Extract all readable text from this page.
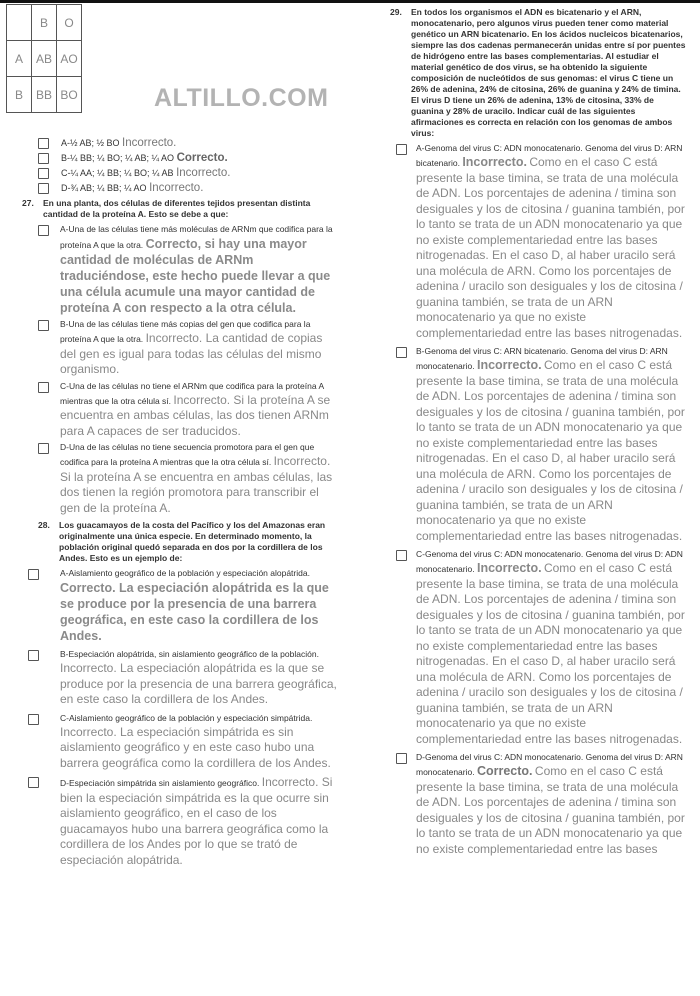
	B	O
A	AB	AO
B	BB	BO	ALTILLO.COM
A-½ AB; ½ BO Incorrecto.
B-¼ BB; ¼ BO; ¼ AB; ¼ AO Correcto.
C-¼ AA; ¼ BB; ¼ BO; ¼ AB Incorrecto.
D-¾ AB; ¼ BB; ¼ AO Incorrecto.
27. En una planta, dos células de diferentes tejidos presentan distinta cantidad de la proteína A. Esto se debe a que:
A-Una de las células tiene más moléculas de ARNm que codifica para la proteína A que la otra. Correcto, si hay una mayor cantidad de moléculas de ARNm traduciéndose, este hecho puede llevar a que una célula acumule una mayor cantidad de proteína A con respecto a la otra célula.
B-Una de las células tiene más copias del gen que codifica para la proteína A que la otra. Incorrecto. La cantidad de copias del gen es igual para todas las células del mismo organismo.
C-Una de las células no tiene el ARNm que codifica para la proteína A mientras que la otra célula sí. Incorrecto. Si la proteína A se encuentra en ambas células, las dos tienen ARNm para A capaces de ser traducidos.
D-Una de las células no tiene secuencia promotora para el gen que codifica para la proteína A mientras que la otra célula sí. Incorrecto. Si la proteína A se encuentra en ambas células, las dos tienen la región promotora para transcribir el gen de la proteína A.
28. Los guacamayos de la costa del Pacífico y los del Amazonas eran originalmente una única especie. En determinado momento, la población original quedó separada en dos por la cordillera de los Andes. Esto es un ejemplo de:
A-Aislamiento geográfico de la población y especiación alopátrida. Correcto. La especiación alopátrida es la que se produce por la presencia de una barrera geográfica, en este caso la cordillera de los Andes.
B-Especiación alopátrida, sin aislamiento geográfico de la población. Incorrecto. La especiación alopátrida es la que se produce por la presencia de una barrera geográfica, en este caso la cordillera de los Andes.
C-Aislamiento geográfico de la población y especiación simpátrida. Incorrecto. La especiación simpátrida es sin aislamiento geográfico y en este caso hubo una barrera geográfica como la cordillera de los Andes.
D-Especiación simpátrida sin aislamiento geográfico. Incorrecto. Si bien la especiación simpátrida es la que ocurre sin aislamiento geográfico, en el caso de los guacamayos hubo una barrera geográfica como la cordillera de los Andes por lo que se trató de especiación alopátrida.
29.	En todos los organismos el ADN es bicatenario y el ARN, monocatenario, pero algunos virus pueden tener como material genético un ARN bicatenario. En los ácidos nucleicos bicatenarios, siempre las dos cadenas permanecerán unidas entre sí por puentes de hidrógeno entre las bases complementarias. Al estudiar el material genético de dos virus, se ha obtenido la siguiente composición de nucleótidos de sus genomas: el virus C tiene un 26% de adenina, 24% de citosina, 26% de guanina y 24% de timina. El virus D tiene un 26% de adenina, 13% de citosina, 33% de guanina y 28% de uracilo. Indicar cuál de las siguientes afirmaciones es correcta en relación con los genomas de ambos virus:
A-Genoma del virus C: ADN monocatenario. Genoma del virus D: ARN bicatenario. Incorrecto. Como en el caso C está presente la base timina, se trata de una molécula de ADN. Los porcentajes de adenina / timina son desiguales y los de citosina / guanina también, por lo tanto se trata de un ADN monocatenario ya que no existe complementariedad entre las bases nitrogenadas. En el caso D, al haber uracilo será una molécula de ARN. Como los porcentajes de adenina / uracilo son desiguales y los de citosina / guanina también, se trata de un ARN monocatenario ya que no existe complementariedad entre las bases nitrogenadas.
B-Genoma del virus C: ARN bicatenario. Genoma del virus D: ARN monocatenario. Incorrecto. Como en el caso C está presente la base timina, se trata de una molécula de ADN. Los porcentajes de adenina / timina son desiguales y los de citosina / guanina también, por lo tanto se trata de un ADN monocatenario ya que no existe complementariedad entre las bases nitrogenadas. En el caso D, al haber uracilo será una molécula de ARN. Como los porcentajes de adenina / uracilo son desiguales y los de citosina / guanina también, se trata de un ARN monocatenario ya que no existe complementariedad entre las bases nitrogenadas.
C-Genoma del virus C: ADN monocatenario. Genoma del virus D: ADN monocatenario. Incorrecto. Como en el caso C está presente la base timina, se trata de una molécula de ADN. Los porcentajes de adenina / timina son desiguales y los de citosina / guanina también, por lo tanto se trata de un ADN monocatenario ya que no existe complementariedad entre las bases nitrogenadas. En el caso D, al haber uracilo será una molécula de ARN. Como los porcentajes de adenina / uracilo son desiguales y los de citosina / guanina también, se trata de un ARN monocatenario ya que no existe complementariedad entre las bases nitrogenadas.
D-Genoma del virus C: ADN monocatenario. Genoma del virus D: ARN monocatenario. Correcto. Como en el caso C está presente la base timina, se trata de una molécula de ADN. Los porcentajes de adenina / timina son desiguales y los de citosina / guanina también, por lo tanto se trata de un ADN monocatenario ya que no existe complementariedad entre las bases
